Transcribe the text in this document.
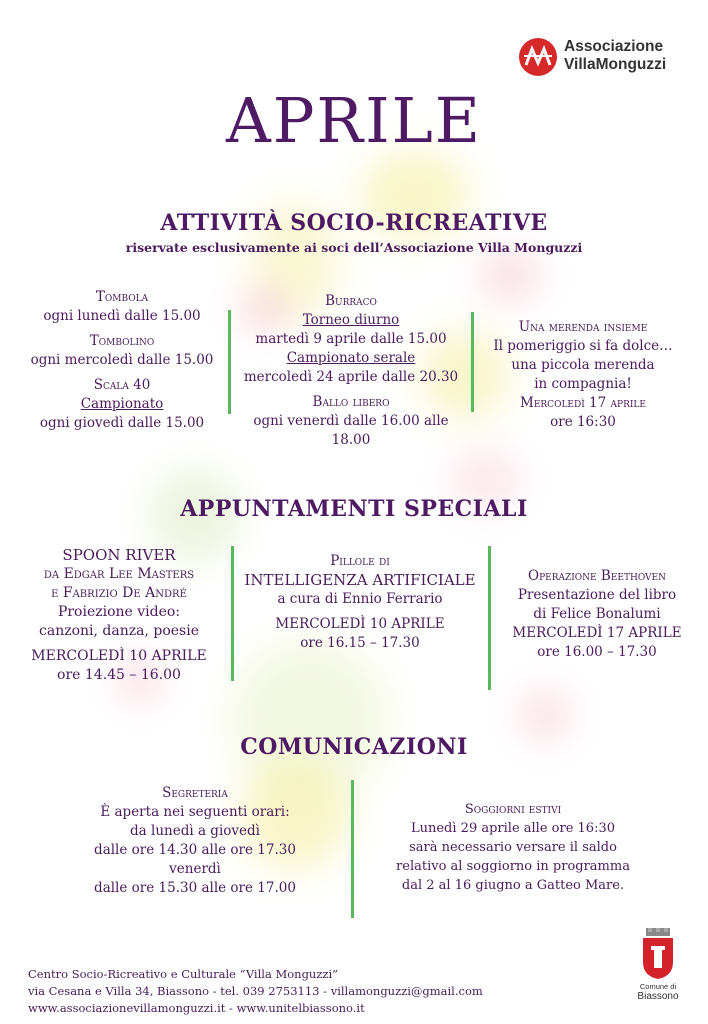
Associazione
VillaMonguzzi
APRILE
ATTIVITÀ SOCIO-RICREATIVE
riservate esclusivamente ai soci dell’Associazione Villa Monguzzi
Tombola
ogni lunedì dalle 15.00
Tombolino
ogni mercoledì dalle 15.00
Scala 40
Campionato
ogni giovedì dalle 15.00
Burraco
Torneo diurno
martedì 9 aprile dalle 15.00
Campionato serale
mercoledì 24 aprile dalle 20.30
Ballo libero
ogni venerdì dalle 16.00 alle 18.00
Una merenda insieme
Il pomeriggio si fa dolce…
una piccola merenda
in compagnia!
Mercoledì 17 aprile
ore 16:30
APPUNTAMENTI SPECIALI
SPOON RIVER
da Edgar Lee Masters
e Fabrizio De André
Proiezione video:
canzoni, danza, poesie
MERCOLEDÌ 10 APRILE
ore 14.45 – 16.00
Pillole di
INTELLIGENZA ARTIFICIALE
a cura di Ennio Ferrario
MERCOLEDÌ 10 APRILE
ore 16.15 – 17.30
Operazione Beethoven
Presentazione del libro
di Felice Bonalumi
MERCOLEDÌ 17 APRILE
ore 16.00 – 17.30
COMUNICAZIONI
Segreteria
È aperta nei seguenti orari:
da lunedì a giovedì
dalle ore 14.30 alle ore 17.30
venerdì
dalle ore 15.30 alle ore 17.00
Soggiorni estivi
Lunedì 29 aprile alle ore 16:30
sarà necessario versare il saldo
relativo al soggiorno in programma
dal 2 al 16 giugno a Gatteo Mare.
Centro Socio-Ricreativo e Culturale “Villa Monguzzi”
via Cesana e Villa 34, Biassono - tel. 039 2753113 - villamonguzzi@gmail.com
www.associazionevillamonguzzi.it - www.unitelbiassono.it
Comune di
Biassono
